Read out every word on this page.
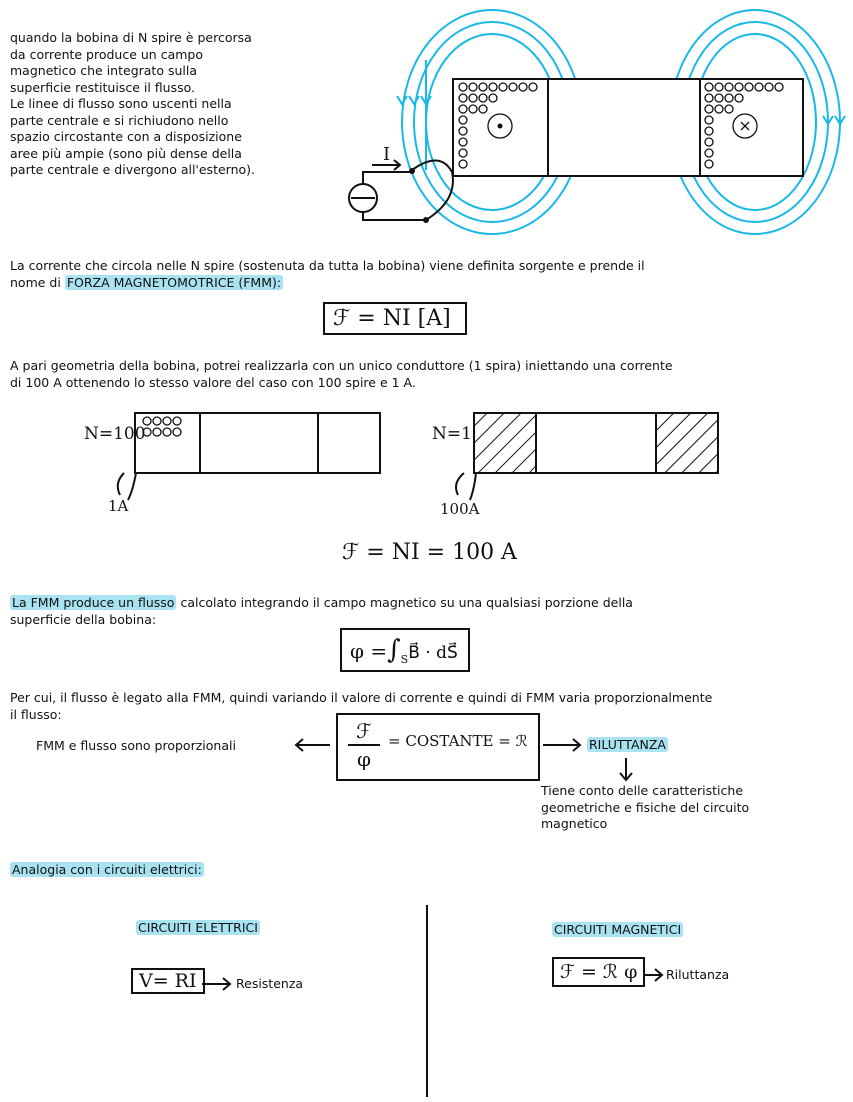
quando la bobina di N spire è percorsa
da corrente produce un campo
magnetico che integrato sulla
superficie restituisce il flusso.
Le linee di flusso sono uscenti nella
parte centrale e si richiudono nello
spazio circostante con a disposizione
aree più ampie (sono più dense della
parte centrale e divergono all'esterno).
I
La corrente che circola nelle N spire (sostenuta da tutta la bobina) viene definita sorgente e prende il
nome di FORZA MAGNETOMOTRICE (FMM):
ℱ = NI [A]
A pari geometria della bobina, potrei realizzarla con un unico conduttore (1 spira) iniettando una corrente
di 100 A ottenendo lo stesso valore del caso con 100 spire e 1 A.
N=100
1A
N=1
100A
ℱ = NI = 100 A
La FMM produce un flusso calcolato integrando il campo magnetico su una qualsiasi porzione della
superficie della bobina:
$\varphi =\int_SB⃗$ · dS⃗
Per cui, il flusso è legato alla FMM, quindi variando il valore di corrente e quindi di FMM varia proporzionalmente
il flusso:
FMM e flusso sono proporzionali
ℱ
φ
= COSTANTE = ℛ	RILUTTANZA
Tiene conto delle caratteristiche
geometriche e fisiche del circuito
magnetico
Analogia con i circuiti elettrici:
CIRCUITI ELETTRICI
V= RI	Resistenza
CIRCUITI MAGNETICI
ℱ = ℛ φ	Riluttanza
